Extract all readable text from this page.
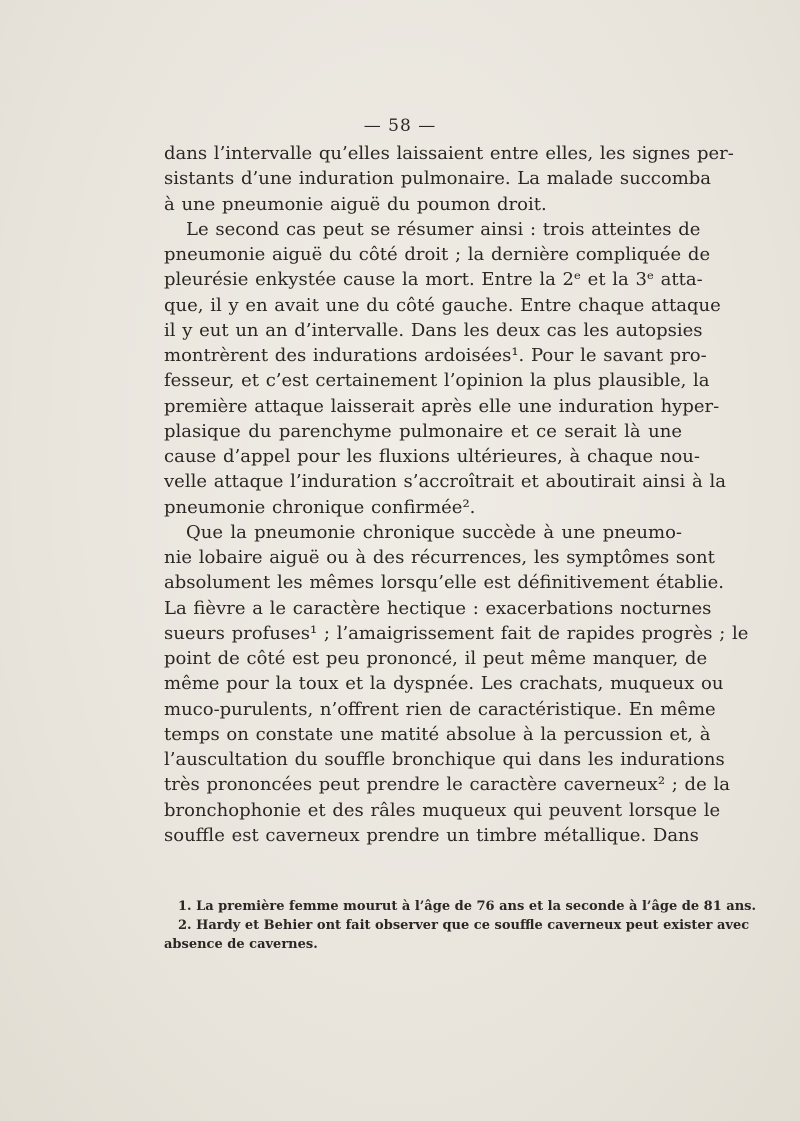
— 58 —
dans l’intervalle qu’elles laissaient entre elles, les signes per-
sistants d’une induration pulmonaire. La malade succomba
à une pneumonie aiguë du poumon droit.
Le second cas peut se résumer ainsi : trois atteintes de
pneumonie aiguë du côté droit ; la dernière compliquée de
pleurésie enkystée cause la mort. Entre la 2ᵉ et la 3ᵉ atta-
que, il y en avait une du côté gauche. Entre chaque attaque
il y eut un an d’intervalle. Dans les deux cas les autopsies
montrèrent des indurations ardoisées¹. Pour le savant pro-
fesseur, et c’est certainement l’opinion la plus plausible, la
première attaque laisserait après elle une induration hyper-
plasique du parenchyme pulmonaire et ce serait là une
cause d’appel pour les fluxions ultérieures, à chaque nou-
velle attaque l’induration s’accroîtrait et aboutirait ainsi à la
pneumonie chronique confirmée².
Que la pneumonie chronique succède à une pneumo-
nie lobaire aiguë ou à des récurrences, les symptômes sont
absolument les mêmes lorsqu’elle est définitivement établie.
La fièvre a le caractère hectique : exacerbations nocturnes
sueurs profuses¹ ; l’amaigrissement fait de rapides progrès ; le
point de côté est peu prononcé, il peut même manquer, de
même pour la toux et la dyspnée. Les crachats, muqueux ou
muco-purulents, n’offrent rien de caractéristique. En même
temps on constate une matité absolue à la percussion et, à
l’auscultation du souffle bronchique qui dans les indurations
très prononcées peut prendre le caractère caverneux² ; de la
bronchophonie et des râles muqueux qui peuvent lorsque le
souffle est caverneux prendre un timbre métallique. Dans
1. La première femme mourut à l’âge de 76 ans et la seconde à l’âge de 81 ans.
2. Hardy et Behier ont fait observer que ce souffle caverneux peut exister avec
absence de cavernes.
